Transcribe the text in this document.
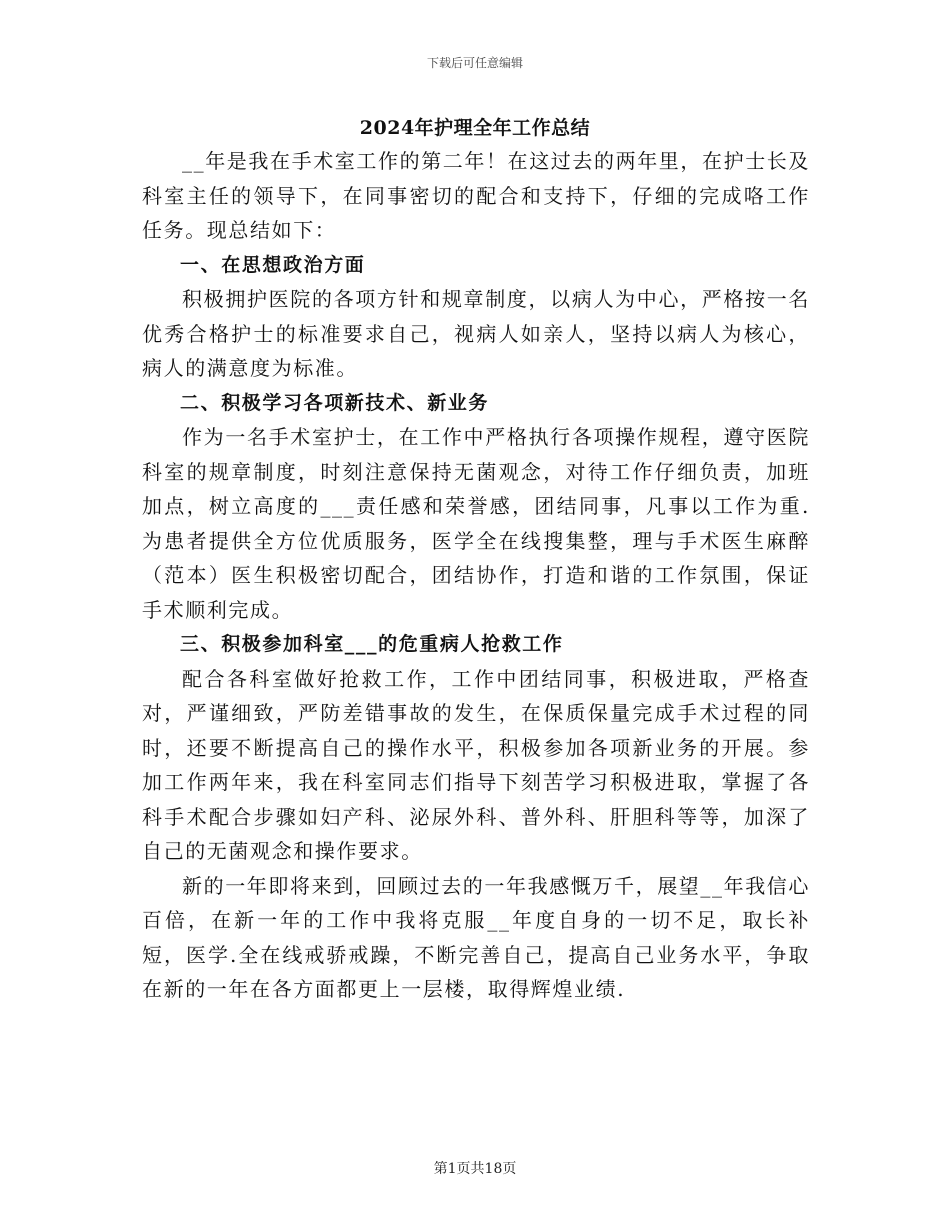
下载后可任意编辑
2024年护理全年工作总结

__年是我在手术室工作的第二年！在这过去的两年里，在护士长及科室主任的领导下，在同事密切的配合和支持下，仔细的完成咯工作任务。现总结如下：

一、在思想政治方面

积极拥护医院的各项方针和规章制度，以病人为中心，严格按一名优秀合格护士的标准要求自己，视病人如亲人，坚持以病人为核心，病人的满意度为标准。

二、积极学习各项新技术、新业务

作为一名手术室护士，在工作中严格执行各项操作规程，遵守医院科室的规章制度，时刻注意保持无菌观念，对待工作仔细负责，加班加点，树立高度的___责任感和荣誉感，团结同事，凡事以工作为重.为患者提供全方位优质服务，医学全在线搜集整，理与手术医生麻醉（范本）医生积极密切配合，团结协作，打造和谐的工作氛围，保证手术顺利完成。

三、积极参加科室___的危重病人抢救工作

配合各科室做好抢救工作，工作中团结同事，积极进取，严格查对，严谨细致，严防差错事故的发生，在保质保量完成手术过程的同时，还要不断提高自己的操作水平，积极参加各项新业务的开展。参加工作两年来，我在科室同志们指导下刻苦学习积极进取，掌握了各科手术配合步骤如妇产科、泌尿外科、普外科、肝胆科等等，加深了自己的无菌观念和操作要求。

新的一年即将来到，回顾过去的一年我感慨万千，展望__年我信心百倍，在新一年的工作中我将克服__年度自身的一切不足，取长补短，医学.全在线戒骄戒躁，不断完善自己，提高自己业务水平，争取在新的一年在各方面都更上一层楼，取得辉煌业绩.

第1页共18页
